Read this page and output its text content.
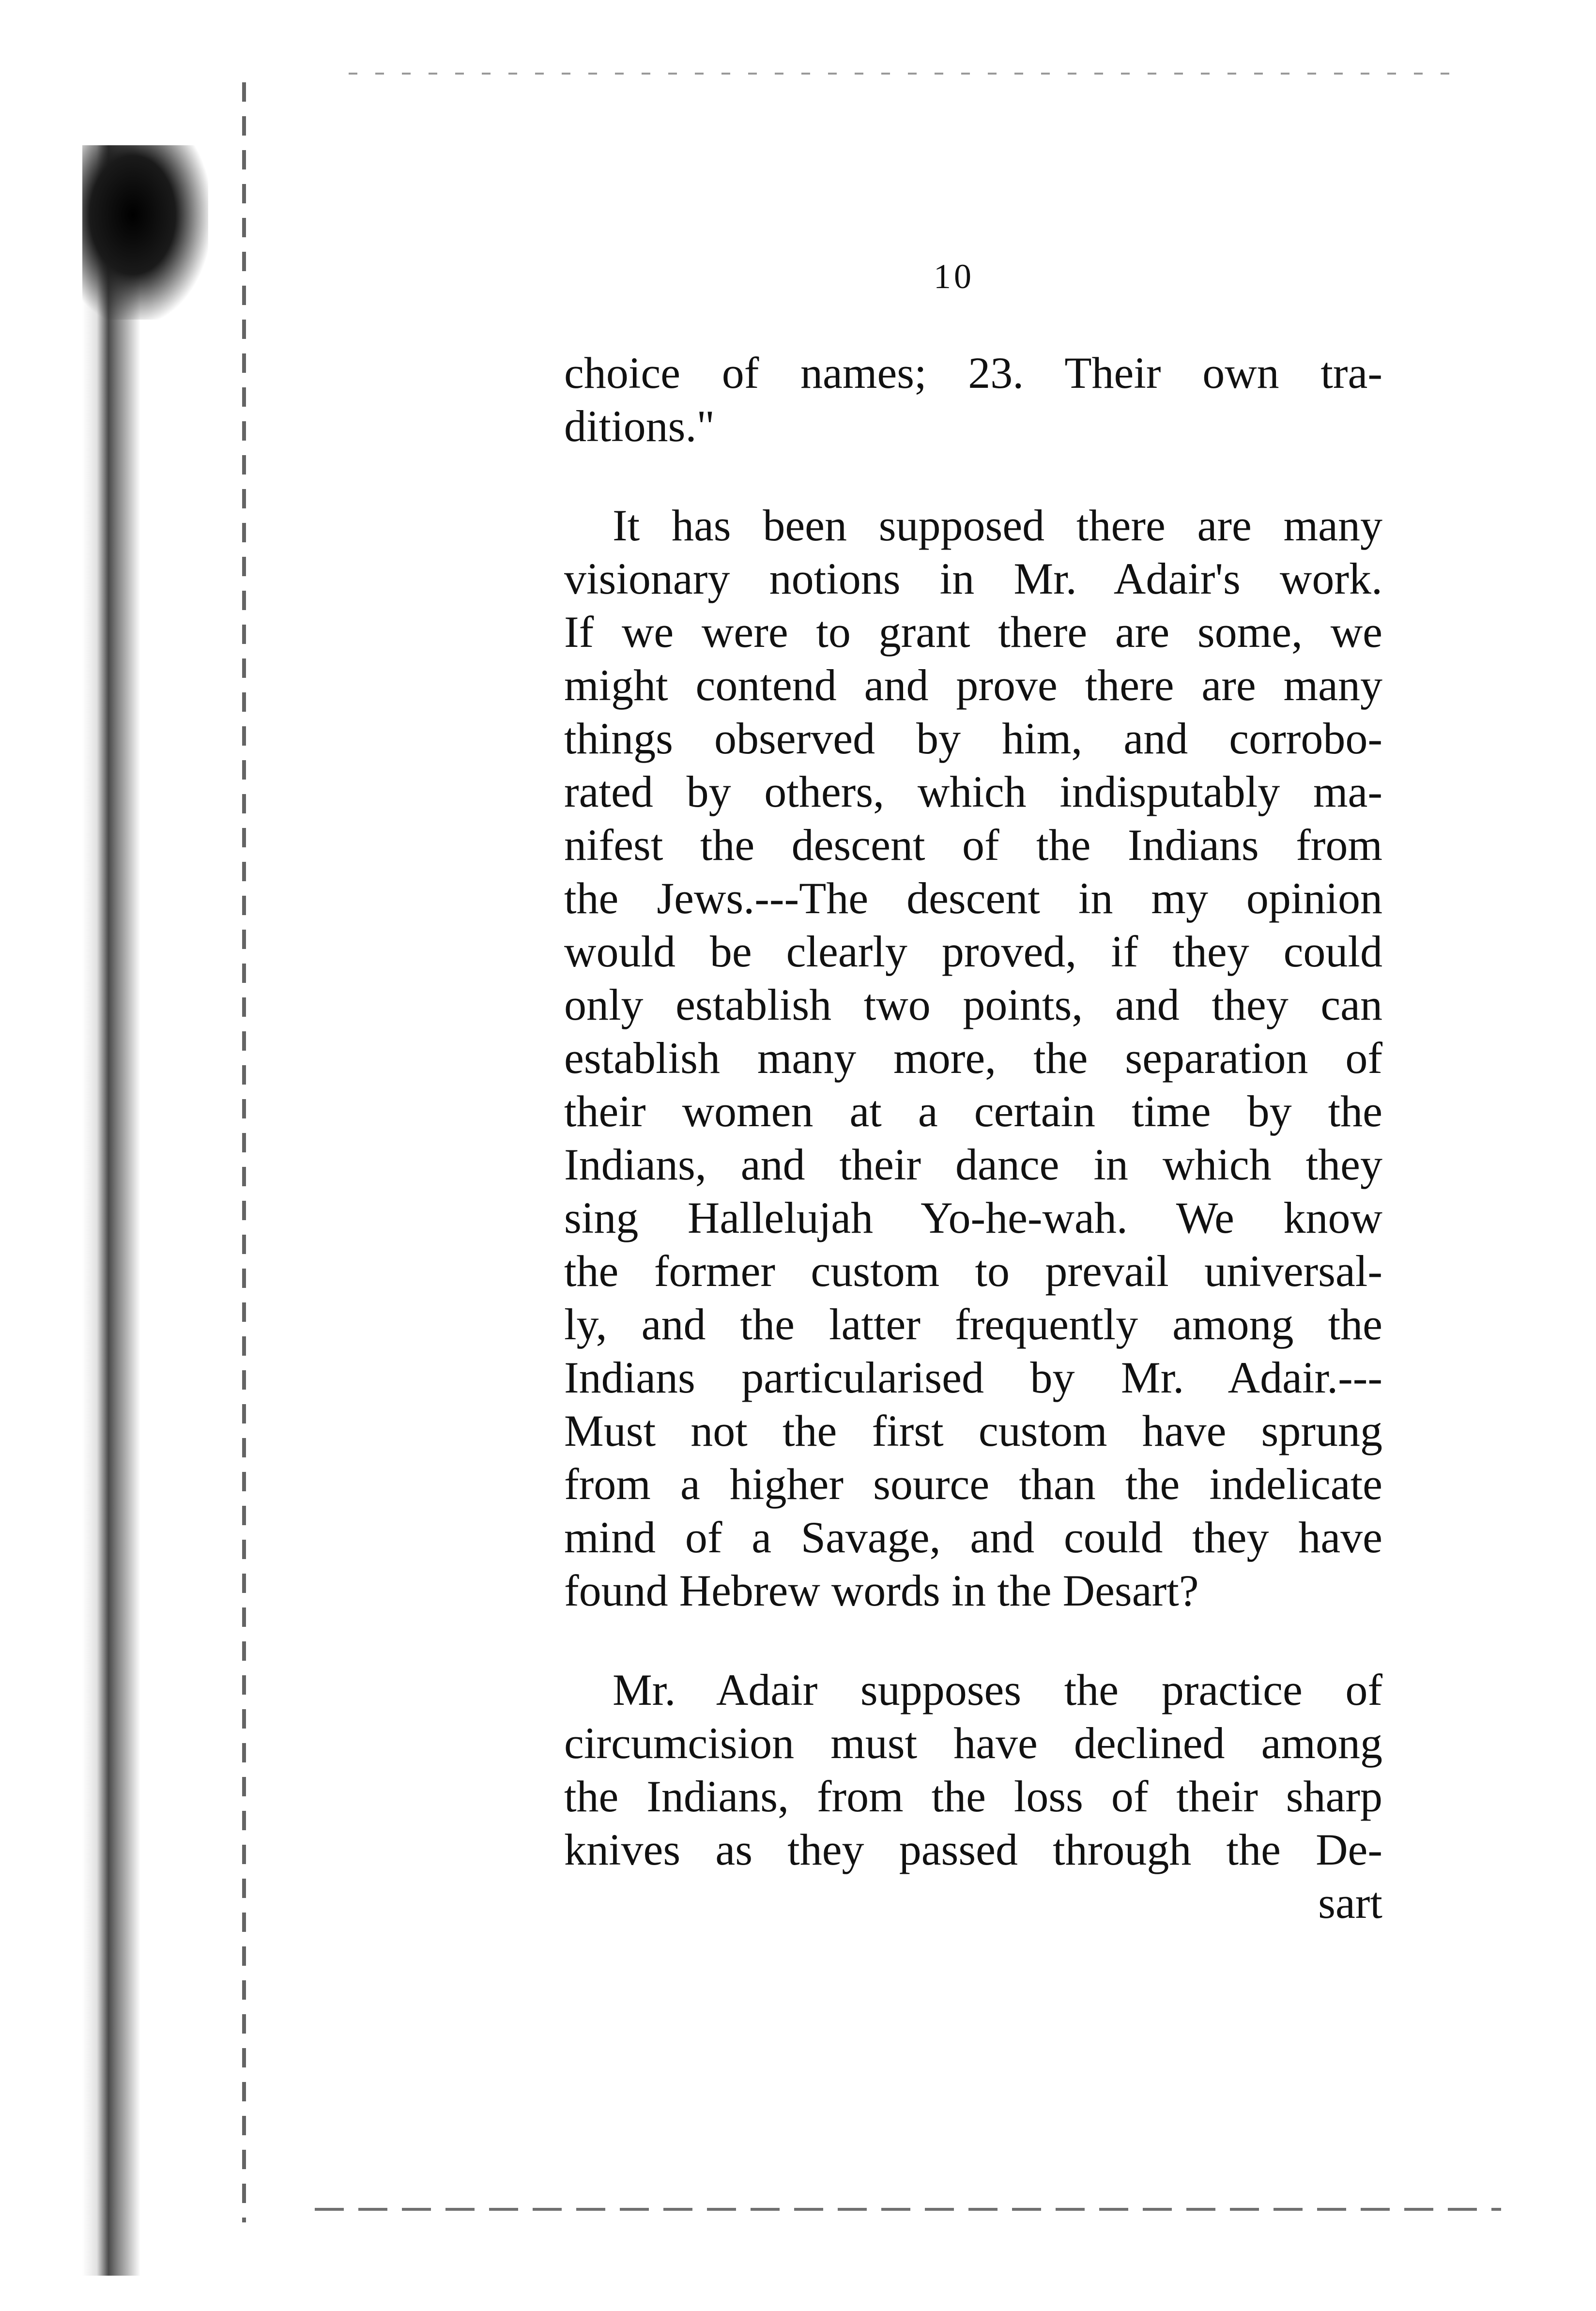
10
choice of names; 23. Their own tra-
ditions."
It has been supposed there are many
visionary notions in Mr. Adair's work.
If we were to grant there are some, we
might contend and prove there are many
things observed by him, and corrobo-
rated by others, which indisputably ma-
nifest the descent of the Indians from
the Jews.---The descent in my opinion
would be clearly proved, if they could
only establish two points, and they can
establish many more, the separation of
their women at a certain time by the
Indians, and their dance in which they
sing Hallelujah Yo-he-wah. We know
the former custom to prevail universal-
ly, and the latter frequently among the
Indians particularised by Mr. Adair.---
Must not the first custom have sprung
from a higher source than the indelicate
mind of a Savage, and could they have
found Hebrew words in the Desart?
Mr. Adair supposes the practice of
circumcision must have declined among
the Indians, from the loss of their sharp
knives as they passed through the De-
sart
